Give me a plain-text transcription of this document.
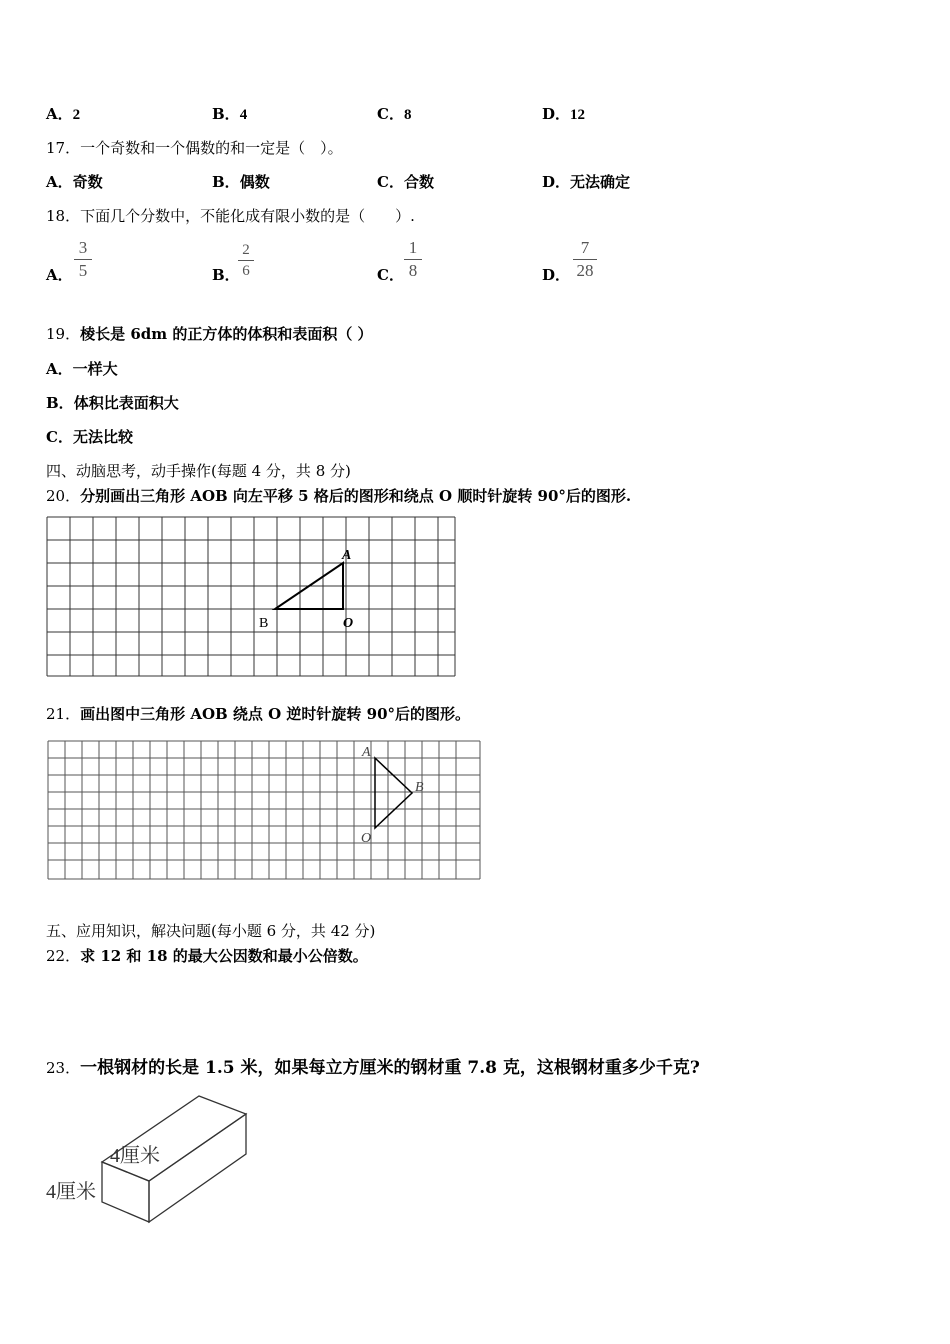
A．2	B．4	C．8	D．12
17．一个奇数和一个偶数的和一定是（　）。
A．奇数	B．偶数	C．合数	D．无法确定
18．下面几个分数中，不能化成有限小数的是（　　）.
A．
3
5	B．
2
6	C．
1
8	D．
7
28
19．棱长是 6dm 的正方体的体积和表面积（ ）
A．一样大
B．体积比表面积大
C．无法比较
四、动脑思考，动手操作(每题 4 分，共 8 分)
20．分别画出三角形 AOB 向左平移 5 格后的图形和绕点 O 顺时针旋转 90°后的图形.
A
B	O
21．画出图中三角形 AOB 绕点 O 逆时针旋转 90°后的图形。
A
B
O
五、应用知识，解决问题(每小题 6 分，共 42 分)
22．求 12 和 18 的最大公因数和最小公倍数。
23．一根钢材的长是 1.5 米，如果每立方厘米的钢材重 7.8 克，这根钢材重多少千克?
4厘米
4厘米
